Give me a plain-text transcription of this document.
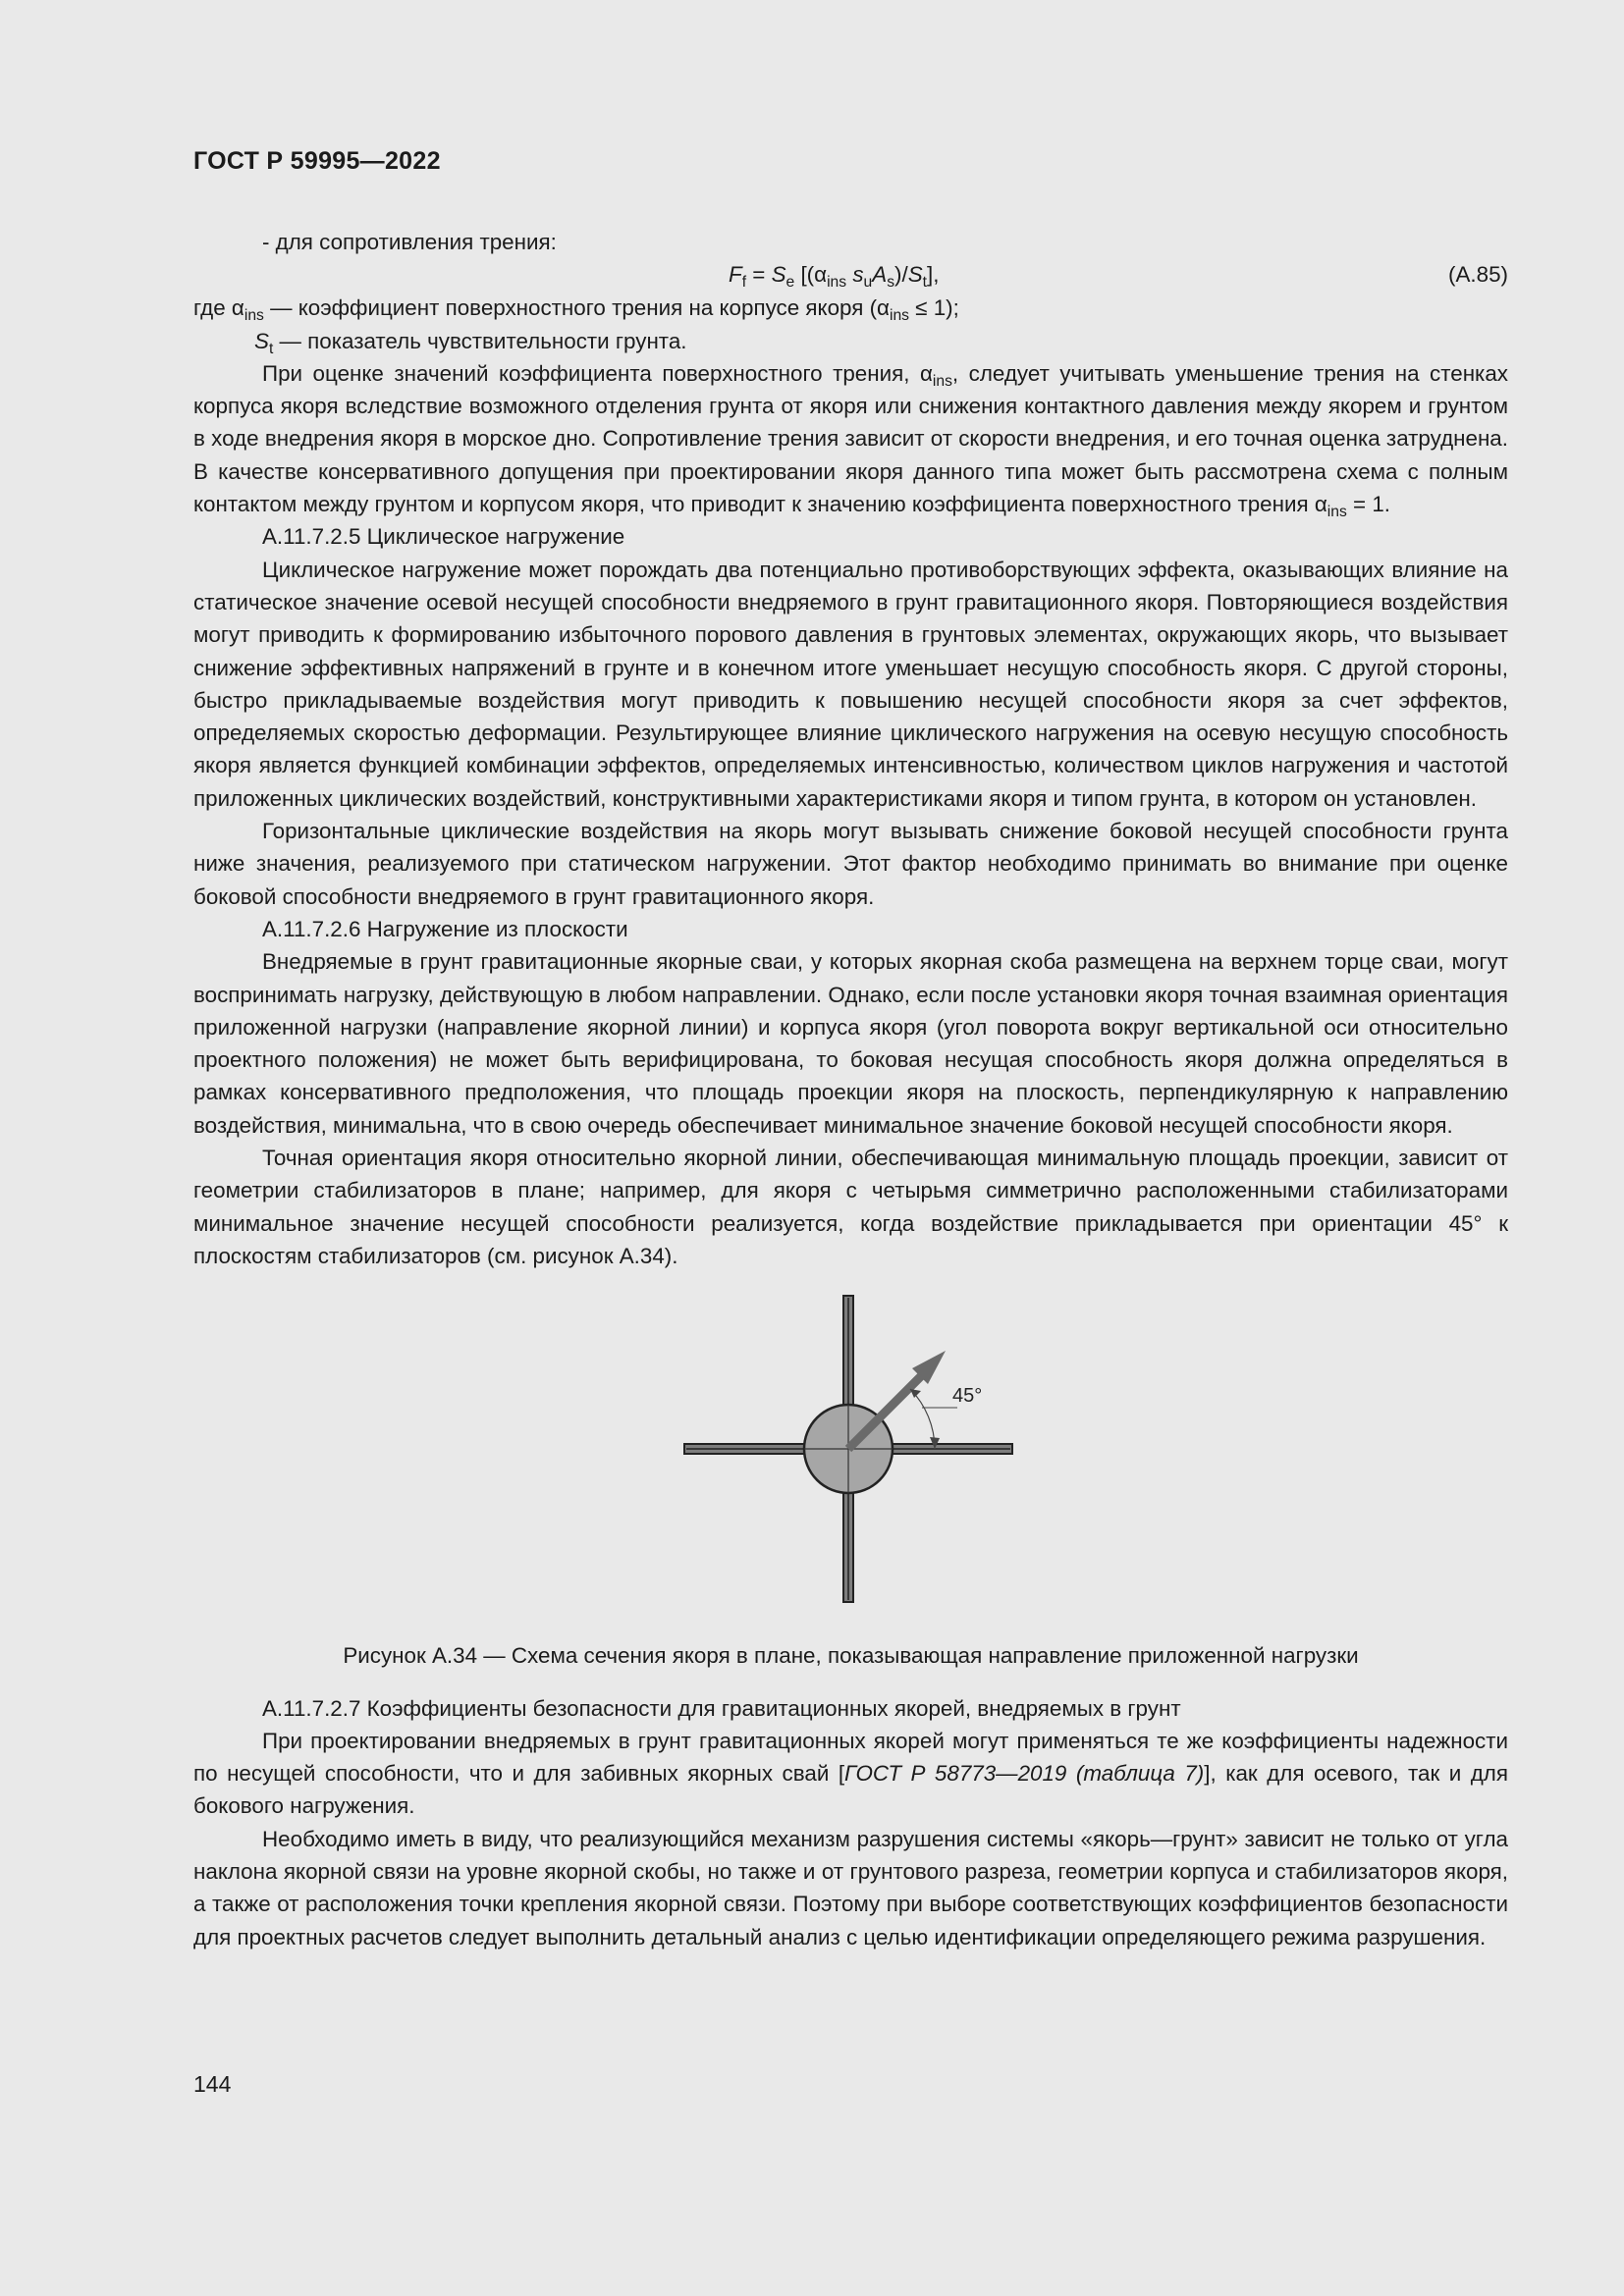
ГОСТ Р 59995—2022

- для сопротивления трения:

$F_f = S_e$ [($\alpha_{ins}$ $s_uA_s)/S_t$],	(A.85)

где $\alpha_{ins}$ — коэффициент поверхностного трения на корпусе якоря $(\alpha_{ins} \le 1)$;

$S_t$ — показатель чувствительности грунта.

При оценке значений коэффициента поверхностного трения, $\alpha_{ins}$, следует учитывать уменьшение трения на стенках корпуса якоря вследствие возможного отделения грунта от якоря или снижения контактного давления между якорем и грунтом в ходе внедрения якоря в морское дно. Сопротивление трения зависит от скорости внедрения, и его точная оценка затруднена. В качестве консервативного допущения при проектировании якоря данного типа может быть рассмотрена схема с полным контактом между грунтом и корпусом якоря, что приводит к значению коэффициента поверхностного трения $\alpha_{ins} = 1$.

А.11.7.2.5 Циклическое нагружение

Циклическое нагружение может порождать два потенциально противоборствующих эффекта, оказывающих влияние на статическое значение осевой несущей способности внедряемого в грунт гравитационного якоря. Повторяющиеся воздействия могут приводить к формированию избыточного порового давления в грунтовых элементах, окружающих якорь, что вызывает снижение эффективных напряжений в грунте и в конечном итоге уменьшает несущую способность якоря. С другой стороны, быстро прикладываемые воздействия могут приводить к повышению несущей способности якоря за счет эффектов, определяемых скоростью деформации. Результирующее влияние циклического нагружения на осевую несущую способность якоря является функцией комбинации эффектов, определяемых интенсивностью, количеством циклов нагружения и частотой приложенных циклических воздействий, конструктивными характеристиками якоря и типом грунта, в котором он установлен.

Горизонтальные циклические воздействия на якорь могут вызывать снижение боковой несущей способности грунта ниже значения, реализуемого при статическом нагружении. Этот фактор необходимо принимать во внимание при оценке боковой способности внедряемого в грунт гравитационного якоря.

А.11.7.2.6 Нагружение из плоскости

Внедряемые в грунт гравитационные якорные сваи, у которых якорная скоба размещена на верхнем торце сваи, могут воспринимать нагрузку, действующую в любом направлении. Однако, если после установки якоря точная взаимная ориентация приложенной нагрузки (направление якорной линии) и корпуса якоря (угол поворота вокруг вертикальной оси относительно проектного положения) не может быть верифицирована, то боковая несущая способность якоря должна определяться в рамках консервативного предположения, что площадь проекции якоря на плоскость, перпендикулярную к направлению воздействия, минимальна, что в свою очередь обеспечивает минимальное значение боковой несущей способности якоря.

Точная ориентация якоря относительно якорной линии, обеспечивающая минимальную площадь проекции, зависит от геометрии стабилизаторов в плане; например, для якоря с четырьмя симметрично расположенными стабилизаторами минимальное значение несущей способности реализуется, когда воздействие прикладывается при ориентации 45° к плоскостям стабилизаторов (см. рисунок А.34).

45°

Рисунок А.34 — Схема сечения якоря в плане, показывающая направление приложенной нагрузки

А.11.7.2.7 Коэффициенты безопасности для гравитационных якорей, внедряемых в грунт

При проектировании внедряемых в грунт гравитационных якорей могут применяться те же коэффициенты надежности по несущей способности, что и для забивных якорных свай [ГОСТ Р 58773—2019 (таблица 7)], как для осевого, так и для бокового нагружения.

Необходимо иметь в виду, что реализующийся механизм разрушения системы «якорь—грунт» зависит не только от угла наклона якорной связи на уровне якорной скобы, но также и от грунтового разреза, геометрии корпуса и стабилизаторов якоря, а также от расположения точки крепления якорной связи. Поэтому при выборе соответствующих коэффициентов безопасности для проектных расчетов следует выполнить детальный анализ с целью идентификации определяющего режима разрушения.

144
